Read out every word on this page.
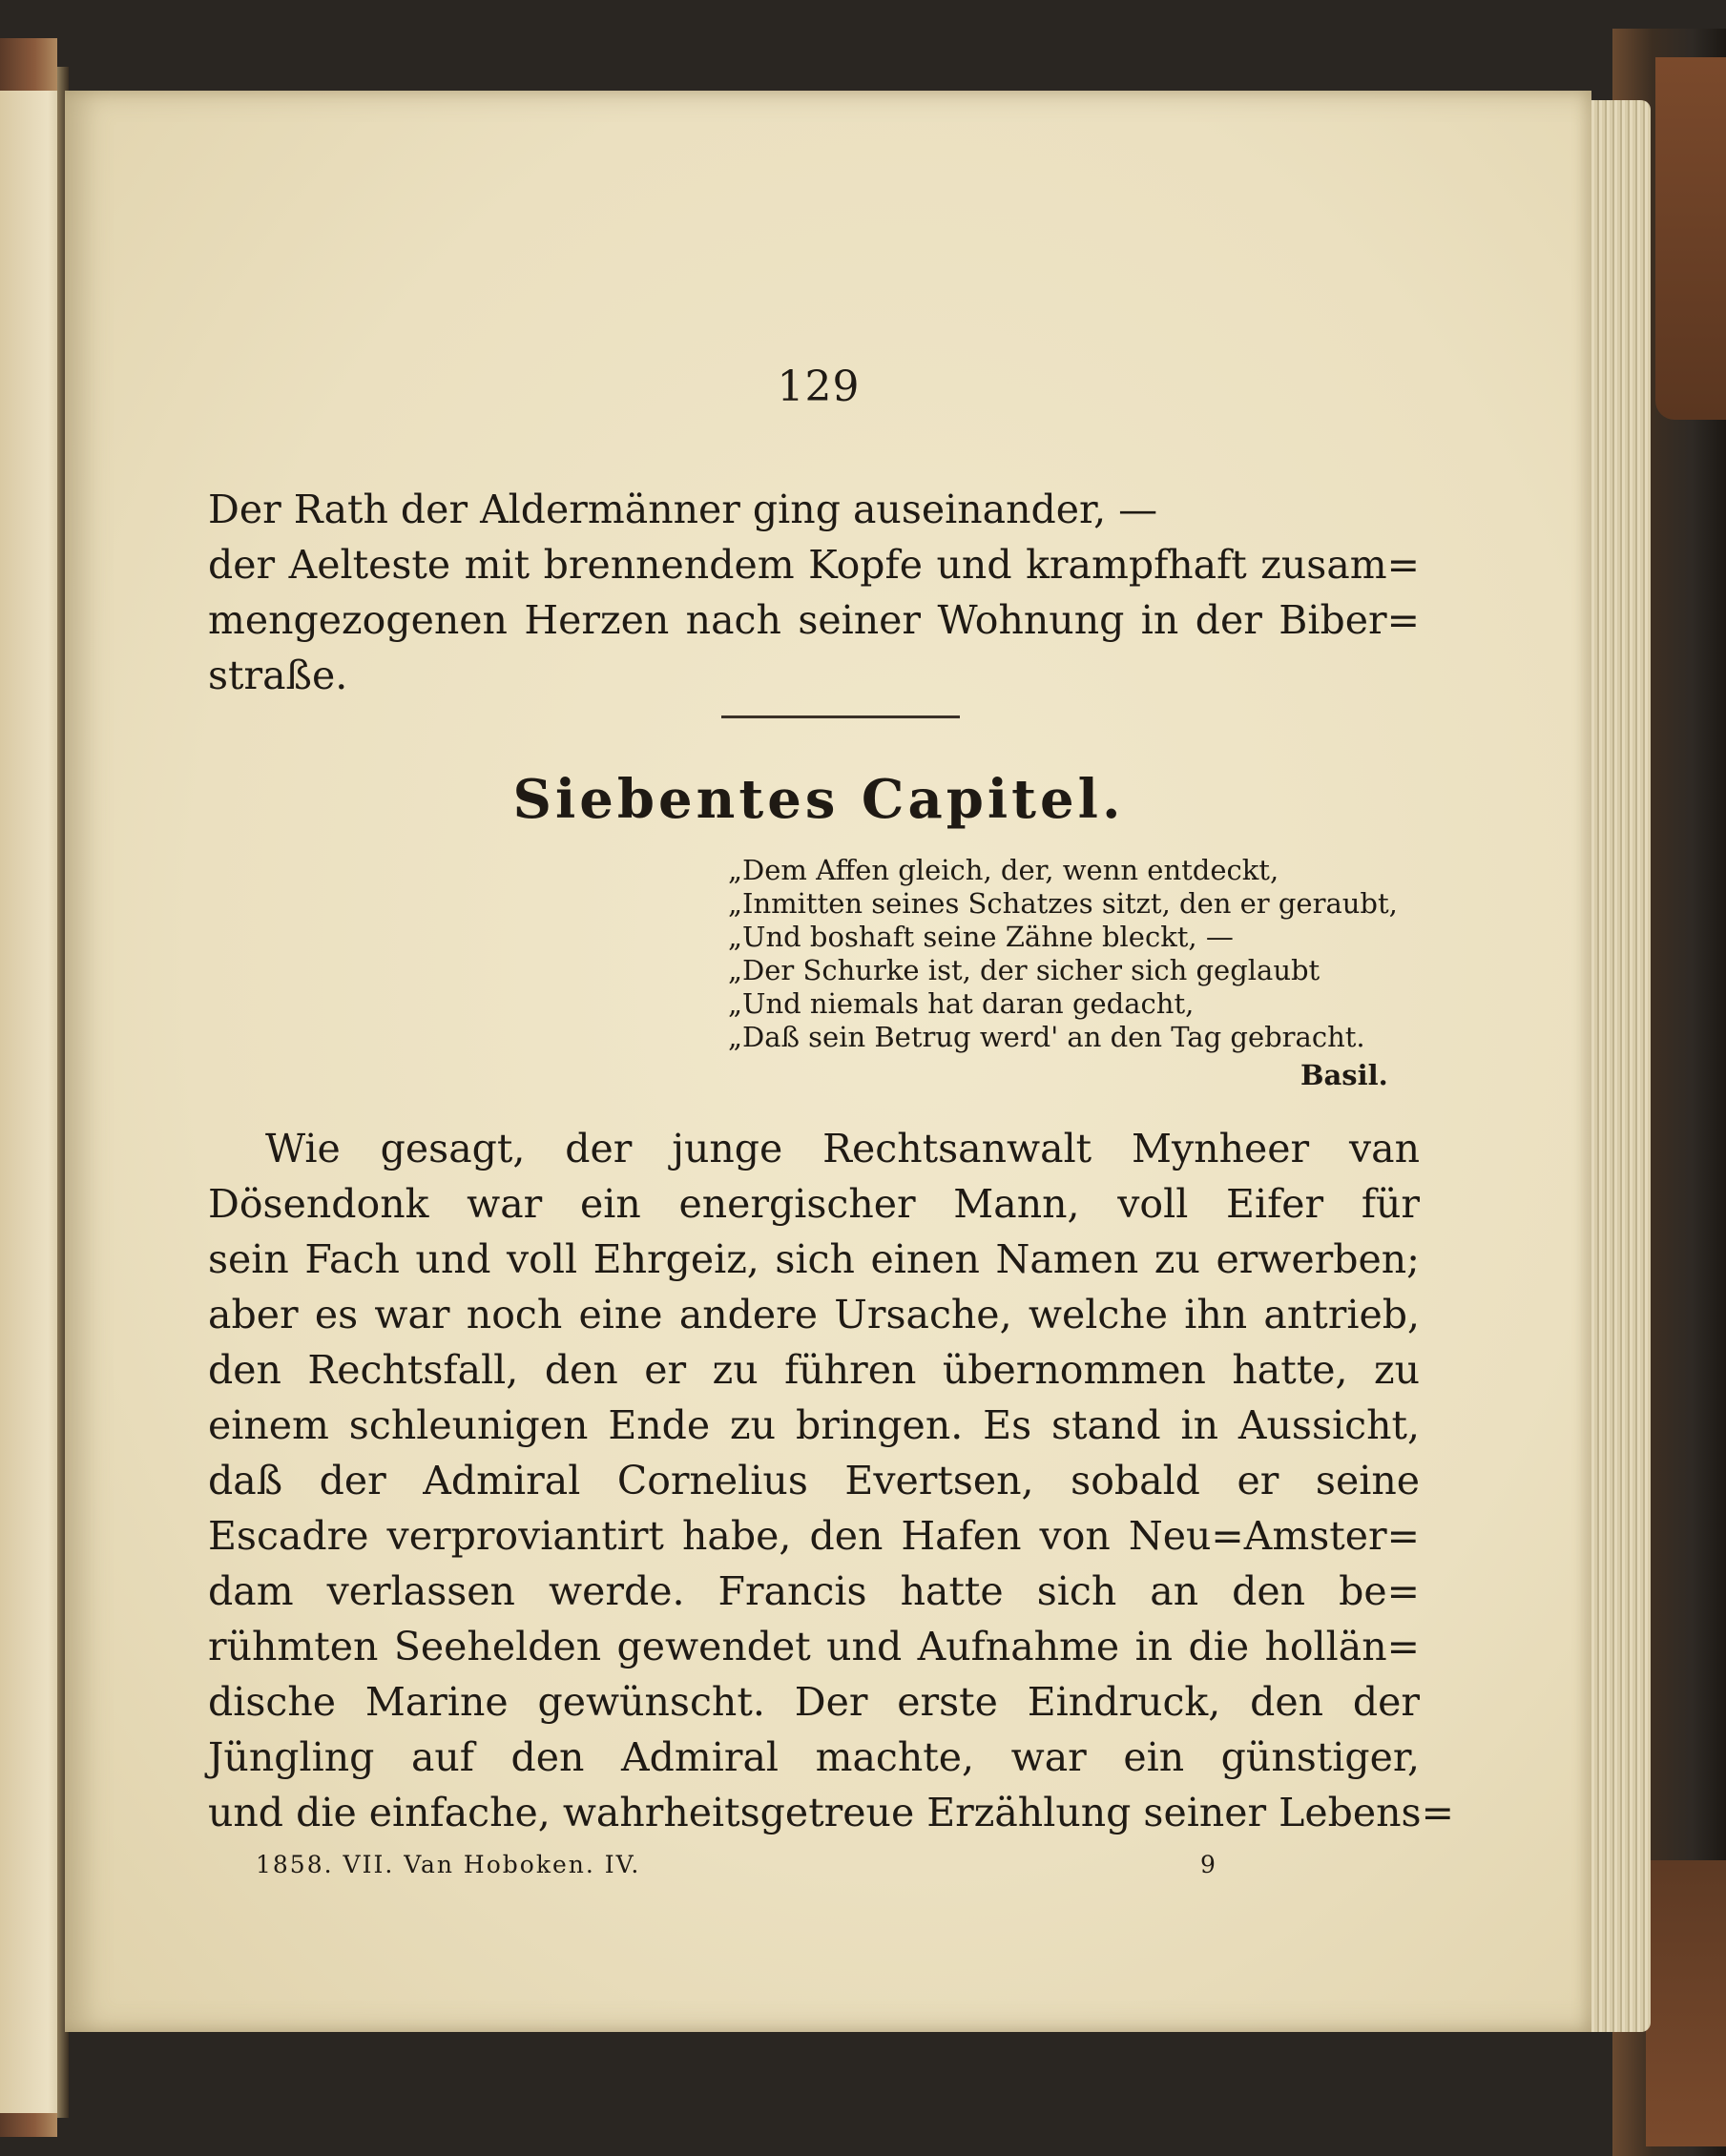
129
Der Rath der Aldermänner ging auseinander, —
der Aelteste mit brennendem Kopfe und krampfhaft zusam=
mengezogenen Herzen nach seiner Wohnung in der Biber=
straße.
Siebentes Capitel.
„Dem Affen gleich, der, wenn entdeckt,
„Inmitten seines Schatzes sitzt, den er geraubt,
„Und boshaft seine Zähne bleckt, —
„Der Schurke ist, der sicher sich geglaubt
„Und niemals hat daran gedacht,
„Daß sein Betrug werd' an den Tag gebracht.
Basil.
Wie gesagt, der junge Rechtsanwalt Mynheer van
Dösendonk war ein energischer Mann, voll Eifer für
sein Fach und voll Ehrgeiz, sich einen Namen zu erwerben;
aber es war noch eine andere Ursache, welche ihn antrieb,
den Rechtsfall, den er zu führen übernommen hatte, zu
einem schleunigen Ende zu bringen. Es stand in Aussicht,
daß der Admiral Cornelius Evertsen, sobald er seine
Escadre verproviantirt habe, den Hafen von Neu=Amster=
dam verlassen werde. Francis hatte sich an den be=
rühmten Seehelden gewendet und Aufnahme in die hollän=
dische Marine gewünscht. Der erste Eindruck, den der
Jüngling auf den Admiral machte, war ein günstiger,
und die einfache, wahrheitsgetreue Erzählung seiner Lebens=
1858. VII. Van Hoboken. IV.	9
